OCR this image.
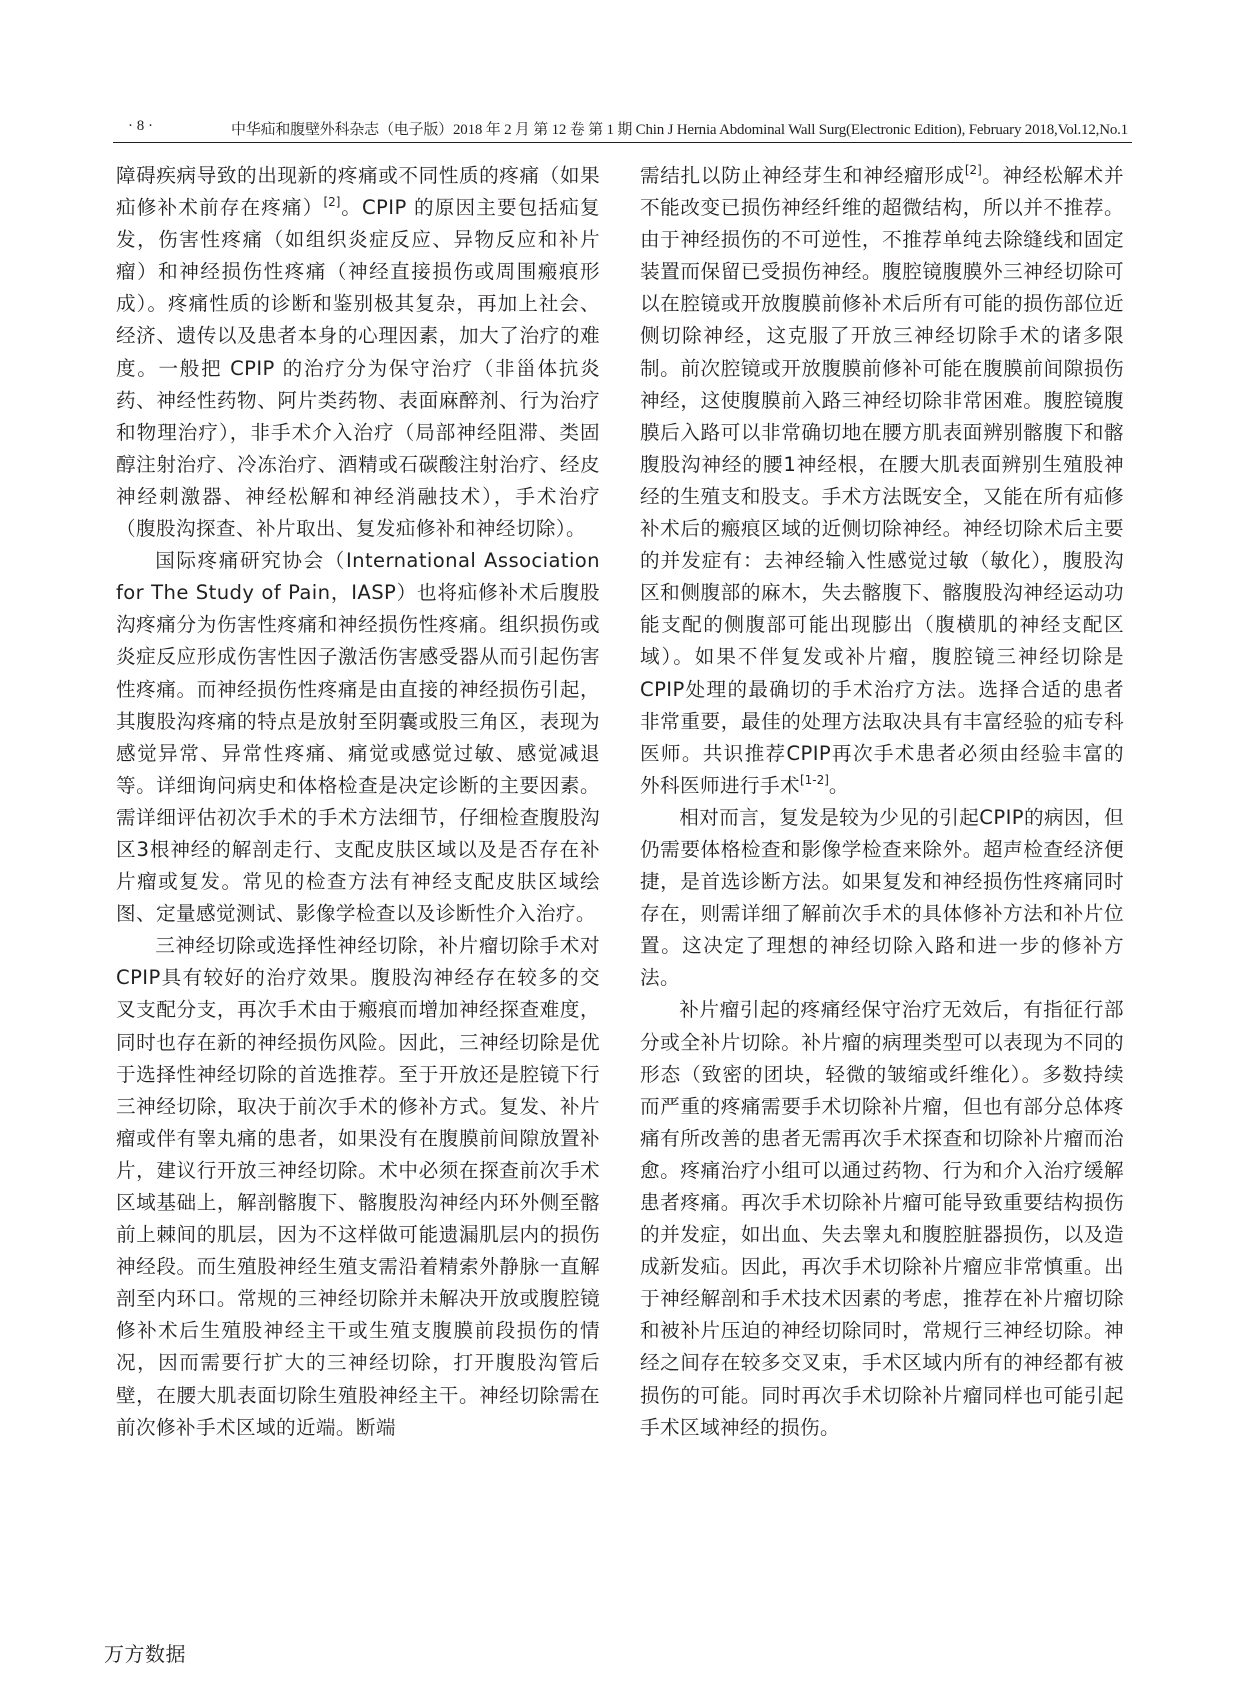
· 8 ·	中华疝和腹壁外科杂志（电子版）2018 年 2 月 第 12 卷 第 1 期 Chin J Hernia Abdominal Wall Surg(Electronic Edition), February 2018,Vol.12,No.1

障碍疾病导致的出现新的疼痛或不同性质的疼痛（如果疝修补术前存在疼痛）[2]。CPIP 的原因主要包括疝复发，伤害性疼痛（如组织炎症反应、异物反应和补片瘤）和神经损伤性疼痛（神经直接损伤或周围瘢痕形成）。疼痛性质的诊断和鉴别极其复杂，再加上社会、经济、遗传以及患者本身的心理因素，加大了治疗的难度。一般把 CPIP 的治疗分为保守治疗（非甾体抗炎药、神经性药物、阿片类药物、表面麻醉剂、行为治疗和物理治疗），非手术介入治疗（局部神经阻滞、类固醇注射治疗、冷冻治疗、酒精或石碳酸注射治疗、经皮神经刺激器、神经松解和神经消融技术），手术治疗（腹股沟探查、补片取出、复发疝修补和神经切除）。

国际疼痛研究协会（International Association for The Study of Pain，IASP）也将疝修补术后腹股沟疼痛分为伤害性疼痛和神经损伤性疼痛。组织损伤或炎症反应形成伤害性因子激活伤害感受器从而引起伤害性疼痛。而神经损伤性疼痛是由直接的神经损伤引起，其腹股沟疼痛的特点是放射至阴囊或股三角区，表现为感觉异常、异常性疼痛、痛觉或感觉过敏、感觉减退等。详细询问病史和体格检查是决定诊断的主要因素。需详细评估初次手术的手术方法细节，仔细检查腹股沟区3根神经的解剖走行、支配皮肤区域以及是否存在补片瘤或复发。常见的检查方法有神经支配皮肤区域绘图、定量感觉测试、影像学检查以及诊断性介入治疗。

三神经切除或选择性神经切除，补片瘤切除手术对CPIP具有较好的治疗效果。腹股沟神经存在较多的交叉支配分支，再次手术由于瘢痕而增加神经探查难度，同时也存在新的神经损伤风险。因此，三神经切除是优于选择性神经切除的首选推荐。至于开放还是腔镜下行三神经切除，取决于前次手术的修补方式。复发、补片瘤或伴有睾丸痛的患者，如果没有在腹膜前间隙放置补片，建议行开放三神经切除。术中必须在探查前次手术区域基础上，解剖髂腹下、髂腹股沟神经内环外侧至髂前上棘间的肌层，因为不这样做可能遗漏肌层内的损伤神经段。而生殖股神经生殖支需沿着精索外静脉一直解剖至内环口。常规的三神经切除并未解决开放或腹腔镜修补术后生殖股神经主干或生殖支腹膜前段损伤的情况，因而需要行扩大的三神经切除，打开腹股沟管后壁，在腰大肌表面切除生殖股神经主干。神经切除需在前次修补手术区域的近端。断端

需结扎以防止神经芽生和神经瘤形成[2]。神经松解术并不能改变已损伤神经纤维的超微结构，所以并不推荐。由于神经损伤的不可逆性，不推荐单纯去除缝线和固定装置而保留已受损伤神经。腹腔镜腹膜外三神经切除可以在腔镜或开放腹膜前修补术后所有可能的损伤部位近侧切除神经，这克服了开放三神经切除手术的诸多限制。前次腔镜或开放腹膜前修补可能在腹膜前间隙损伤神经，这使腹膜前入路三神经切除非常困难。腹腔镜腹膜后入路可以非常确切地在腰方肌表面辨别髂腹下和髂腹股沟神经的腰1神经根，在腰大肌表面辨别生殖股神经的生殖支和股支。手术方法既安全，又能在所有疝修补术后的瘢痕区域的近侧切除神经。神经切除术后主要的并发症有：去神经输入性感觉过敏（敏化），腹股沟区和侧腹部的麻木，失去髂腹下、髂腹股沟神经运动功能支配的侧腹部可能出现膨出（腹横肌的神经支配区域）。如果不伴复发或补片瘤，腹腔镜三神经切除是CPIP处理的最确切的手术治疗方法。选择合适的患者非常重要，最佳的处理方法取决具有丰富经验的疝专科医师。共识推荐CPIP再次手术患者必须由经验丰富的外科医师进行手术[1-2]。

相对而言，复发是较为少见的引起CPIP的病因，但仍需要体格检查和影像学检查来除外。超声检查经济便捷，是首选诊断方法。如果复发和神经损伤性疼痛同时存在，则需详细了解前次手术的具体修补方法和补片位置。这决定了理想的神经切除入路和进一步的修补方法。

补片瘤引起的疼痛经保守治疗无效后，有指征行部分或全补片切除。补片瘤的病理类型可以表现为不同的形态（致密的团块，轻微的皱缩或纤维化）。多数持续而严重的疼痛需要手术切除补片瘤，但也有部分总体疼痛有所改善的患者无需再次手术探查和切除补片瘤而治愈。疼痛治疗小组可以通过药物、行为和介入治疗缓解患者疼痛。再次手术切除补片瘤可能导致重要结构损伤的并发症，如出血、失去睾丸和腹腔脏器损伤，以及造成新发疝。因此，再次手术切除补片瘤应非常慎重。出于神经解剖和手术技术因素的考虑，推荐在补片瘤切除和被补片压迫的神经切除同时，常规行三神经切除。神经之间存在较多交叉束，手术区域内所有的神经都有被损伤的可能。同时再次手术切除补片瘤同样也可能引起手术区域神经的损伤。

万方数据
